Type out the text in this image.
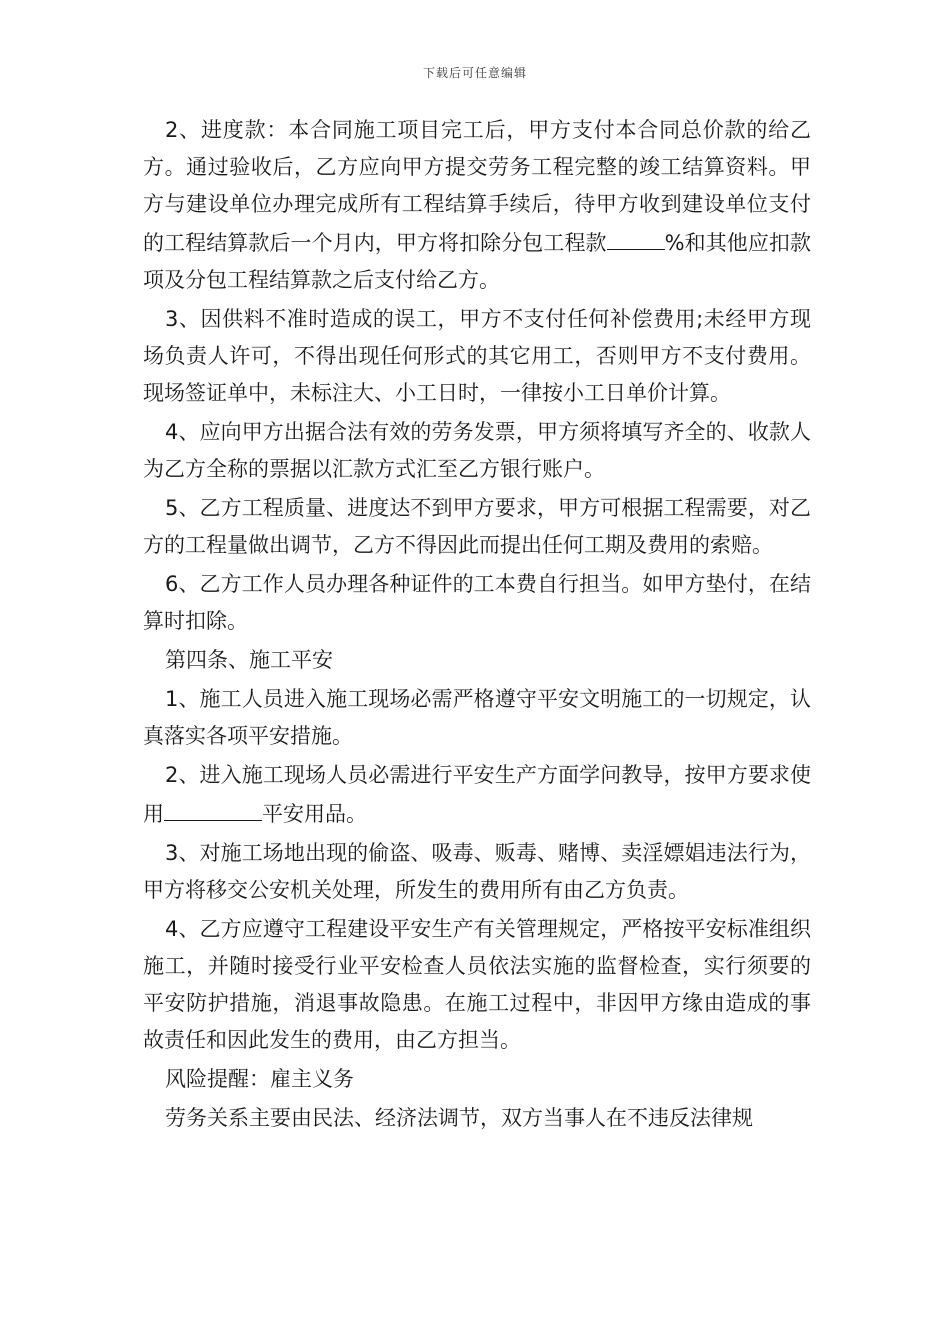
下载后可任意编辑

2、进度款：本合同施工项目完工后，甲方支付本合同总价款的给乙方。通过验收后，乙方应向甲方提交劳务工程完整的竣工结算资料。甲方与建设单位办理完成所有工程结算手续后，待甲方收到建设单位支付的工程结算款后一个月内，甲方将扣除分包工程款	%和其他应扣款项及分包工程结算款之后支付给乙方。

3、因供料不准时造成的误工，甲方不支付任何补偿费用;未经甲方现场负责人许可，不得出现任何形式的其它用工，否则甲方不支付费用。现场签证单中，未标注大、小工日时，一律按小工日单价计算。

4、应向甲方出据合法有效的劳务发票，甲方须将填写齐全的、收款人为乙方全称的票据以汇款方式汇至乙方银行账户。

5、乙方工程质量、进度达不到甲方要求，甲方可根据工程需要，对乙方的工程量做出调节，乙方不得因此而提出任何工期及费用的索赔。

6、乙方工作人员办理各种证件的工本费自行担当。如甲方垫付，在结算时扣除。

第四条、施工平安

1、施工人员进入施工现场必需严格遵守平安文明施工的一切规定，认真落实各项平安措施。

2、进入施工现场人员必需进行平安生产方面学问教导，按甲方要求使用	平安用品。

3、对施工场地出现的偷盗、吸毒、贩毒、赌博、卖淫嫖娼违法行为，甲方将移交公安机关处理，所发生的费用所有由乙方负责。

4、乙方应遵守工程建设平安生产有关管理规定，严格按平安标准组织施工，并随时接受行业平安检查人员依法实施的监督检查，实行须要的平安防护措施，消退事故隐患。在施工过程中，非因甲方缘由造成的事故责任和因此发生的费用，由乙方担当。

风险提醒：雇主义务

劳务关系主要由民法、经济法调节，双方当事人在不违反法律规
